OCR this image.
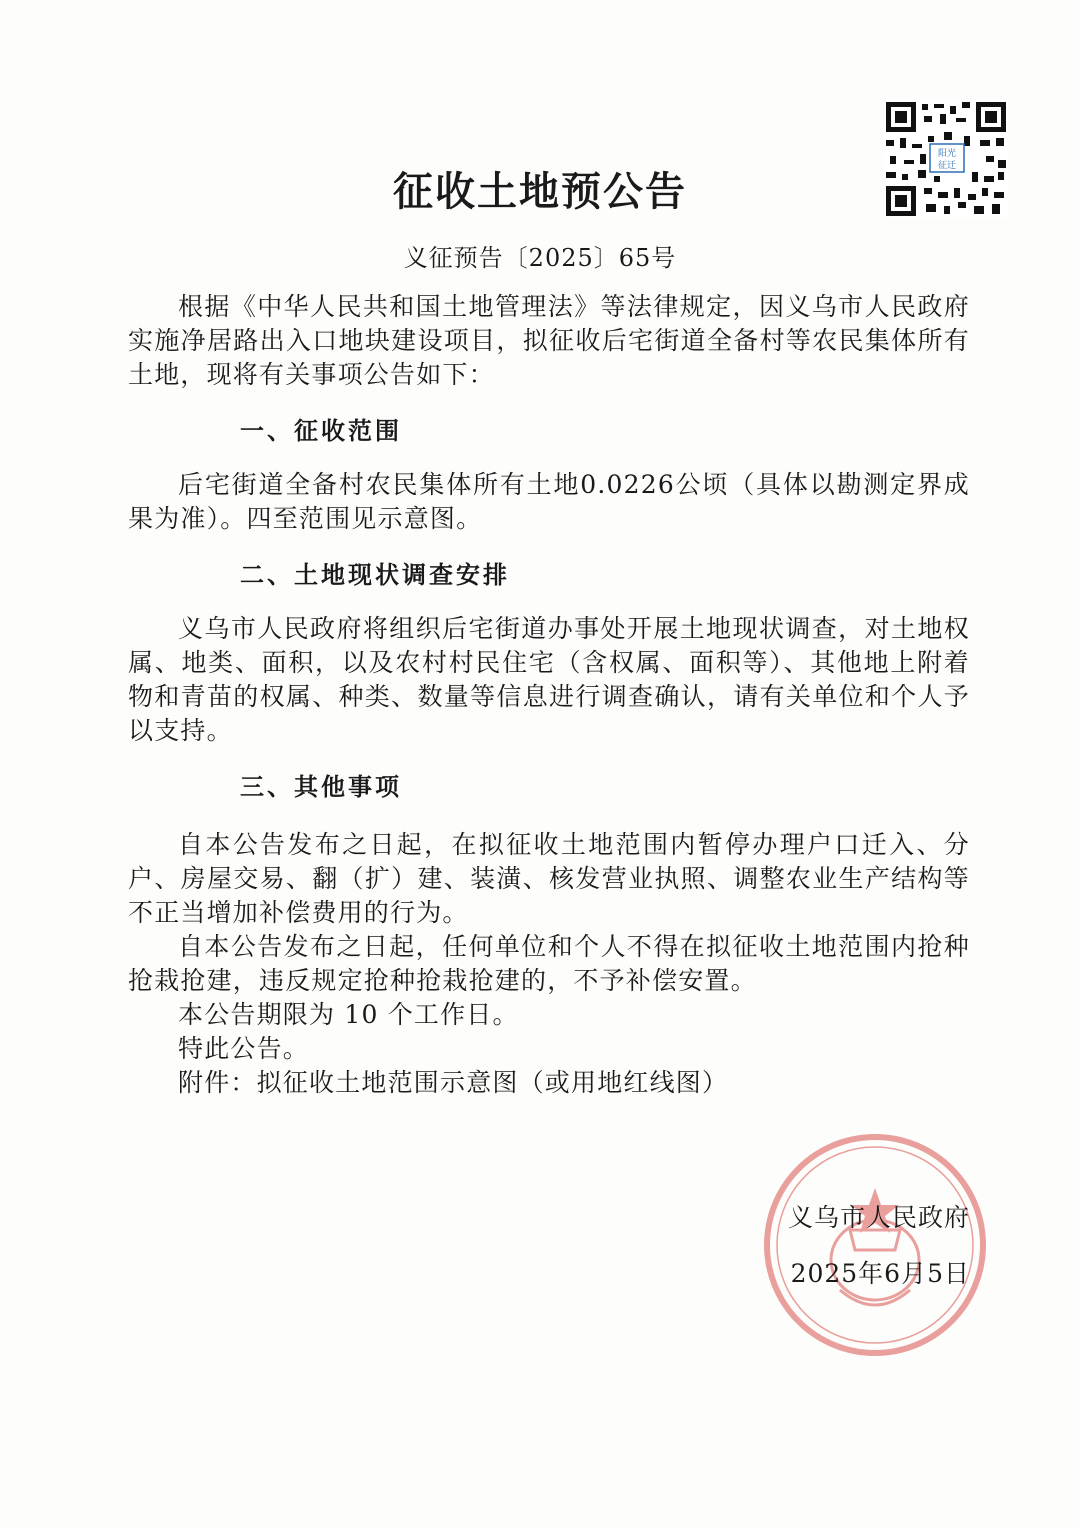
阳光
征迁
征收土地预公告
义征预告〔2025〕65号

根据《中华人民共和国土地管理法》等法律规定，因义乌市人民政府实施净居路出入口地块建设项目，拟征收后宅街道全备村等农民集体所有土地，现将有关事项公告如下：

一、征收范围

后宅街道全备村农民集体所有土地0.0226公顷（具体以勘测定界成果为准）。四至范围见示意图。

二、土地现状调查安排

义乌市人民政府将组织后宅街道办事处开展土地现状调查，对土地权属、地类、面积，以及农村村民住宅（含权属、面积等）、其他地上附着物和青苗的权属、种类、数量等信息进行调查确认，请有关单位和个人予以支持。

三、其他事项

自本公告发布之日起，在拟征收土地范围内暂停办理户口迁入、分户、房屋交易、翻（扩）建、装潢、核发营业执照、调整农业生产结构等不正当增加补偿费用的行为。

自本公告发布之日起，任何单位和个人不得在拟征收土地范围内抢种抢栽抢建，违反规定抢种抢栽抢建的，不予补偿安置。

本公告期限为 10 个工作日。

特此公告。

附件：拟征收土地范围示意图（或用地红线图）

义乌市人民政府
2025年6月5日
